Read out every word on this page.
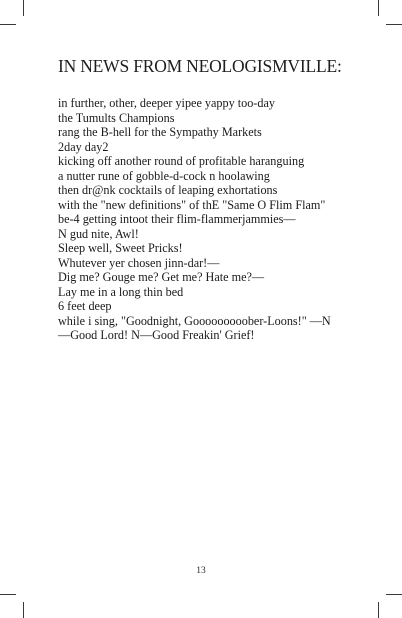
IN NEWS FROM NEOLOGISMVILLE:
in further, other, deeper yipee yappy too-day
the Tumults Champions
rang the B-hell for the Sympathy Markets
2day day2
kicking off another round of profitable haranguing
a nutter rune of gobble-d-cock n hoolawing
then dr@nk cocktails of leaping exhortations
with the "new definitions" of thE "Same O Flim Flam"
be-4 getting intoot their flim-flammerjammies—
N gud nite, Awl!
Sleep well, Sweet Pricks!
Whutever yer chosen jinn-dar!—
Dig me? Gouge me? Get me? Hate me?—
Lay me in a long thin bed
6 feet deep
while i sing, "Goodnight, Gooooooooober-Loons!" —N
—Good Lord! N—Good Freakin' Grief!
13
